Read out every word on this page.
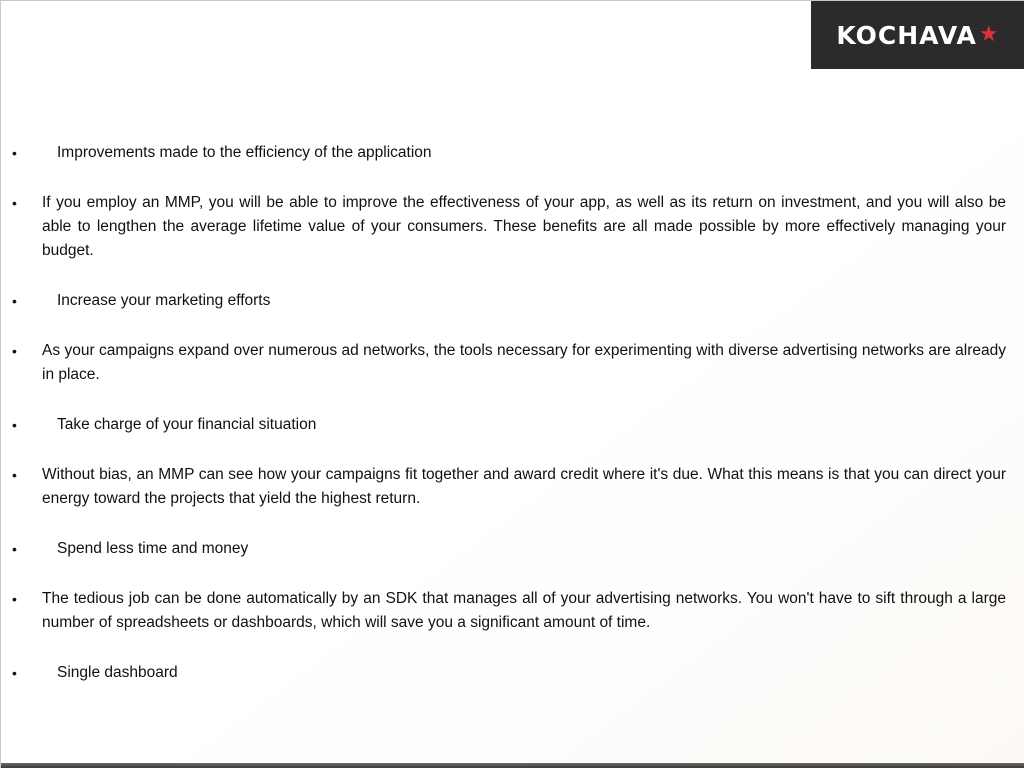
KOCHAVA ★
•	Improvements made to the efficiency of the application
• If you employ an MMP, you will be able to improve the effectiveness of your app, as well as its return on investment, and you will also be able to lengthen the average lifetime value of your consumers. These benefits are all made possible by more effectively managing your budget.
•	Increase your marketing efforts
• As your campaigns expand over numerous ad networks, the tools necessary for experimenting with diverse advertising networks are already in place.
•	Take charge of your financial situation
• Without bias, an MMP can see how your campaigns fit together and award credit where it's due. What this means is that you can direct your energy toward the projects that yield the highest return.
•	Spend less time and money
• The tedious job can be done automatically by an SDK that manages all of your advertising networks. You won't have to sift through a large number of spreadsheets or dashboards, which will save you a significant amount of time.
•	Single dashboard
